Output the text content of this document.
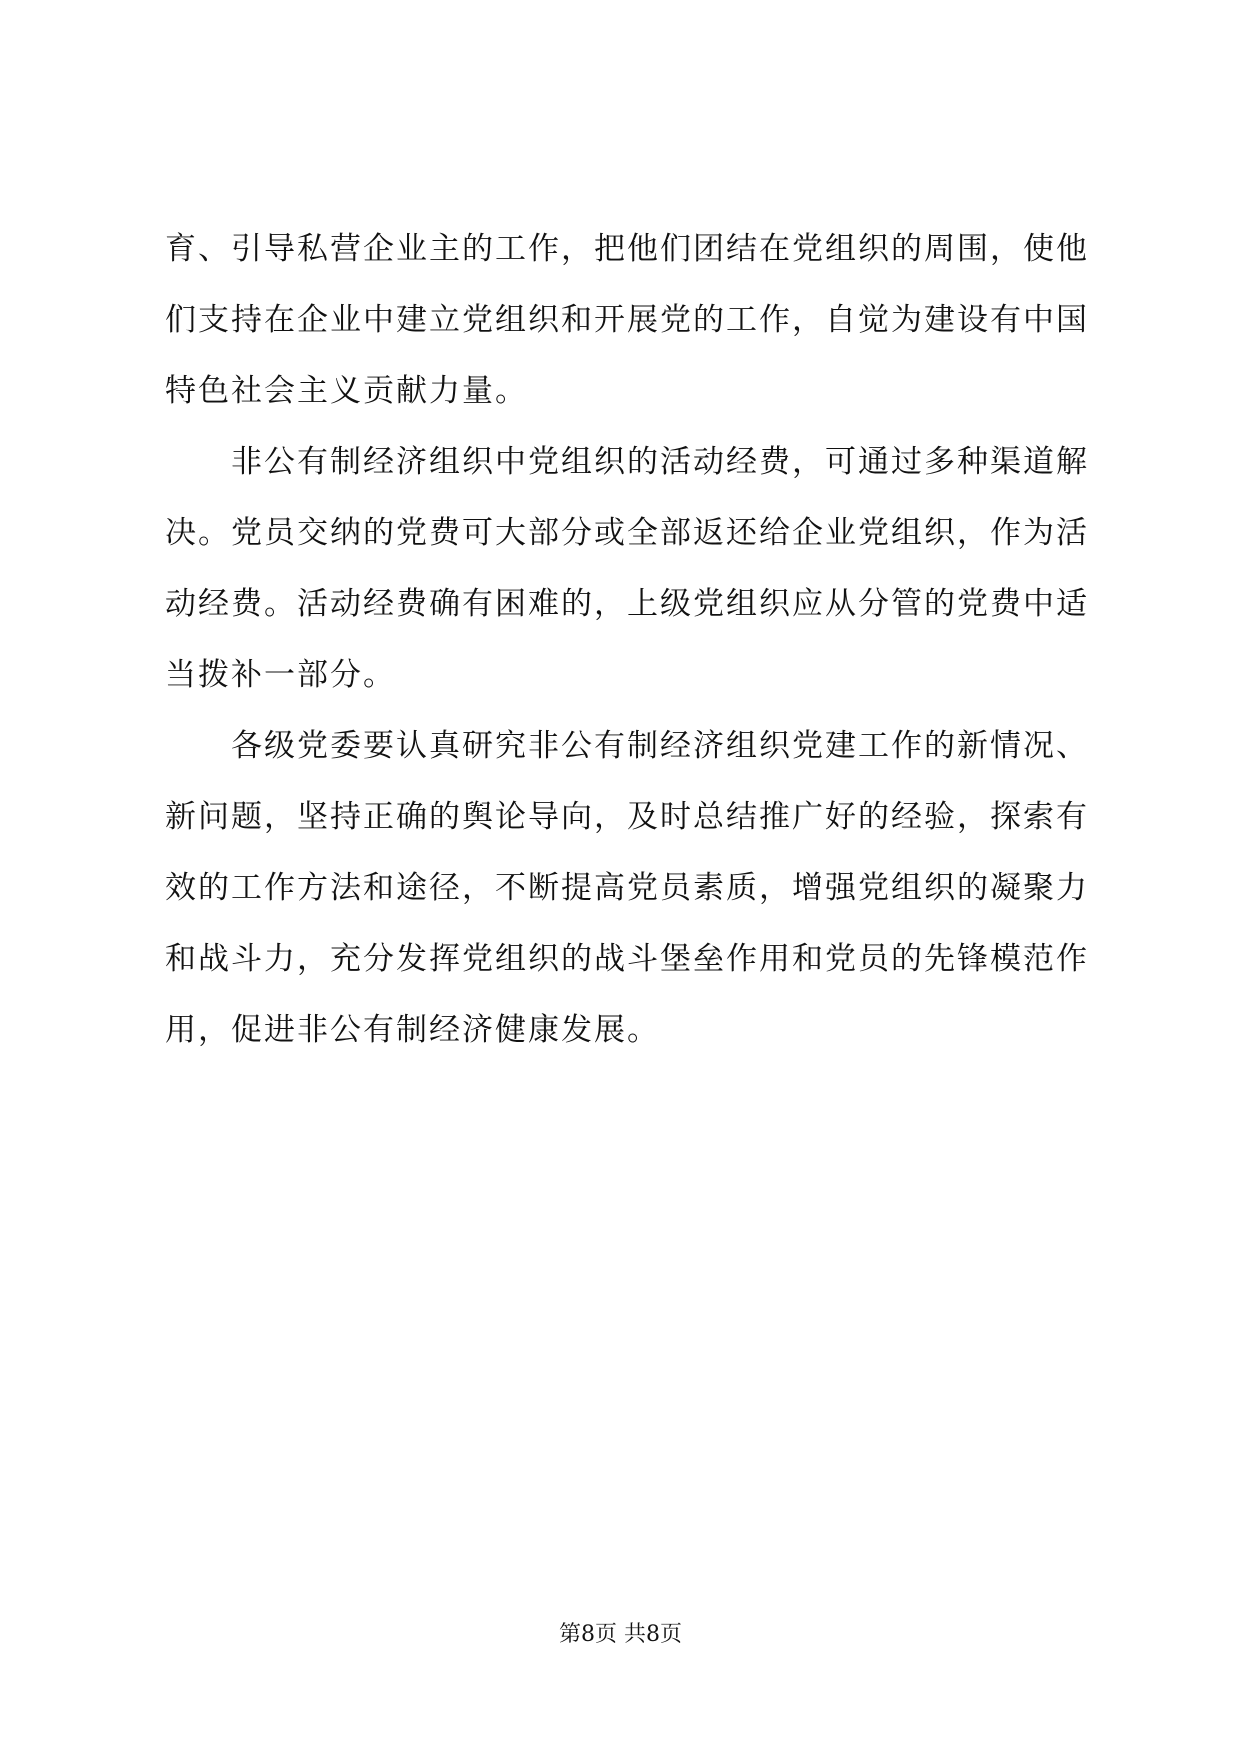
育、引导私营企业主的工作，把他们团结在党组织的周围，使他
们支持在企业中建立党组织和开展党的工作，自觉为建设有中国
特色社会主义贡献力量。
　　非公有制经济组织中党组织的活动经费，可通过多种渠道解
决。党员交纳的党费可大部分或全部返还给企业党组织，作为活
动经费。活动经费确有困难的，上级党组织应从分管的党费中适
当拨补一部分。
　　各级党委要认真研究非公有制经济组织党建工作的新情况、
新问题，坚持正确的舆论导向，及时总结推广好的经验，探索有
效的工作方法和途径，不断提高党员素质，增强党组织的凝聚力
和战斗力，充分发挥党组织的战斗堡垒作用和党员的先锋模范作
用，促进非公有制经济健康发展。
第8页 共8页
